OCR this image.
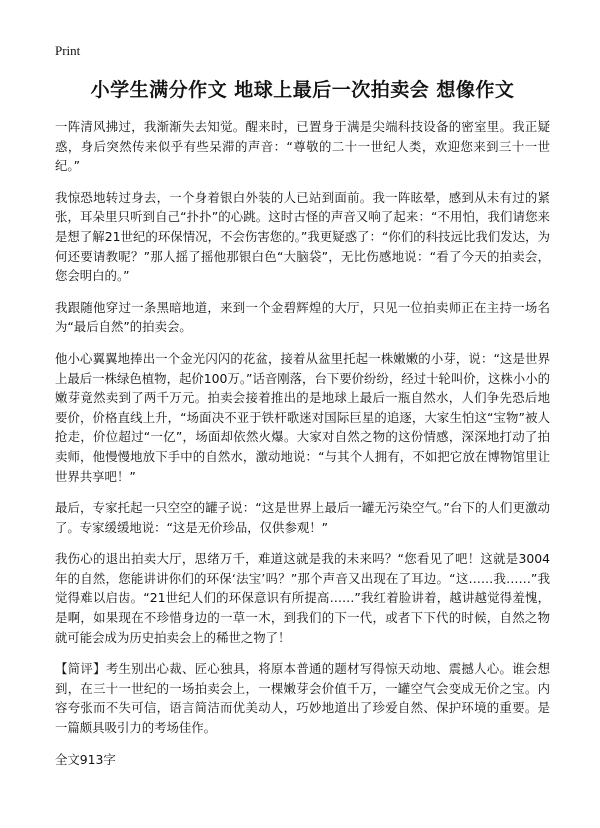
Print
小学生满分作文 地球上最后一次拍卖会 想像作文

一阵清风拂过，我渐渐失去知觉。醒来时，已置身于满是尖端科技设备的密室里。我正疑惑，身后突然传来似乎有些呆滞的声音：“尊敬的二十一世纪人类，欢迎您来到三十一世纪。”

我惊恐地转过身去，一个身着银白外装的人已站到面前。我一阵眩晕，感到从未有过的紧张，耳朵里只听到自己“扑扑”的心跳。这时古怪的声音又响了起来：“不用怕，我们请您来是想了解21世纪的环保情况，不会伤害您的。”我更疑惑了：“你们的科技远比我们发达，为何还要请教呢？”那人摇了摇他那银白色“大脑袋”，无比伤感地说：“看了今天的拍卖会，您会明白的。”

我跟随他穿过一条黑暗地道，来到一个金碧辉煌的大厅，只见一位拍卖师正在主持一场名为“最后自然”的拍卖会。

他小心翼翼地捧出一个金光闪闪的花盆，接着从盆里托起一株嫩嫩的小芽，说：“这是世界上最后一株绿色植物，起价100万。”话音刚落，台下要价纷纷，经过十轮叫价，这株小小的嫩芽竟然卖到了两千万元。拍卖会接着推出的是地球上最后一瓶自然水，人们争先恐后地要价，价格直线上升，“场面决不亚于铁杆歌迷对国际巨星的追逐，大家生怕这“宝物”被人抢走，价位超过“一亿”，场面却依然火爆。大家对自然之物的这份情感，深深地打动了拍卖师，他慢慢地放下手中的自然水，激动地说：“与其个人拥有，不如把它放在博物馆里让世界共享吧！”

最后，专家托起一只空空的罐子说：“这是世界上最后一罐无污染空气。”台下的人们更激动了。专家缓缓地说：“这是无价珍品，仅供参观！”

我伤心的退出拍卖大厅，思绪万千，难道这就是我的未来吗？“您看见了吧！这就是3004年的自然，您能讲讲你们的环保‘法宝’吗？”那个声音又出现在了耳边。“这……我……”我觉得难以启齿。“21世纪人们的环保意识有所提高……”我红着脸讲着，越讲越觉得羞愧，是啊，如果现在不珍惜身边的一草一木，到我们的下一代，或者下下代的时候，自然之物就可能会成为历史拍卖会上的稀世之物了！

【简评】考生别出心裁、匠心独具，将原本普通的题材写得惊天动地、震撼人心。谁会想到，在三十一世纪的一场拍卖会上，一棵嫩芽会价值千万，一罐空气会变成无价之宝。内容夸张而不失可信，语言简洁而优美动人，巧妙地道出了珍爱自然、保护环境的重要。是一篇颇具吸引力的考场佳作。

全文913字
